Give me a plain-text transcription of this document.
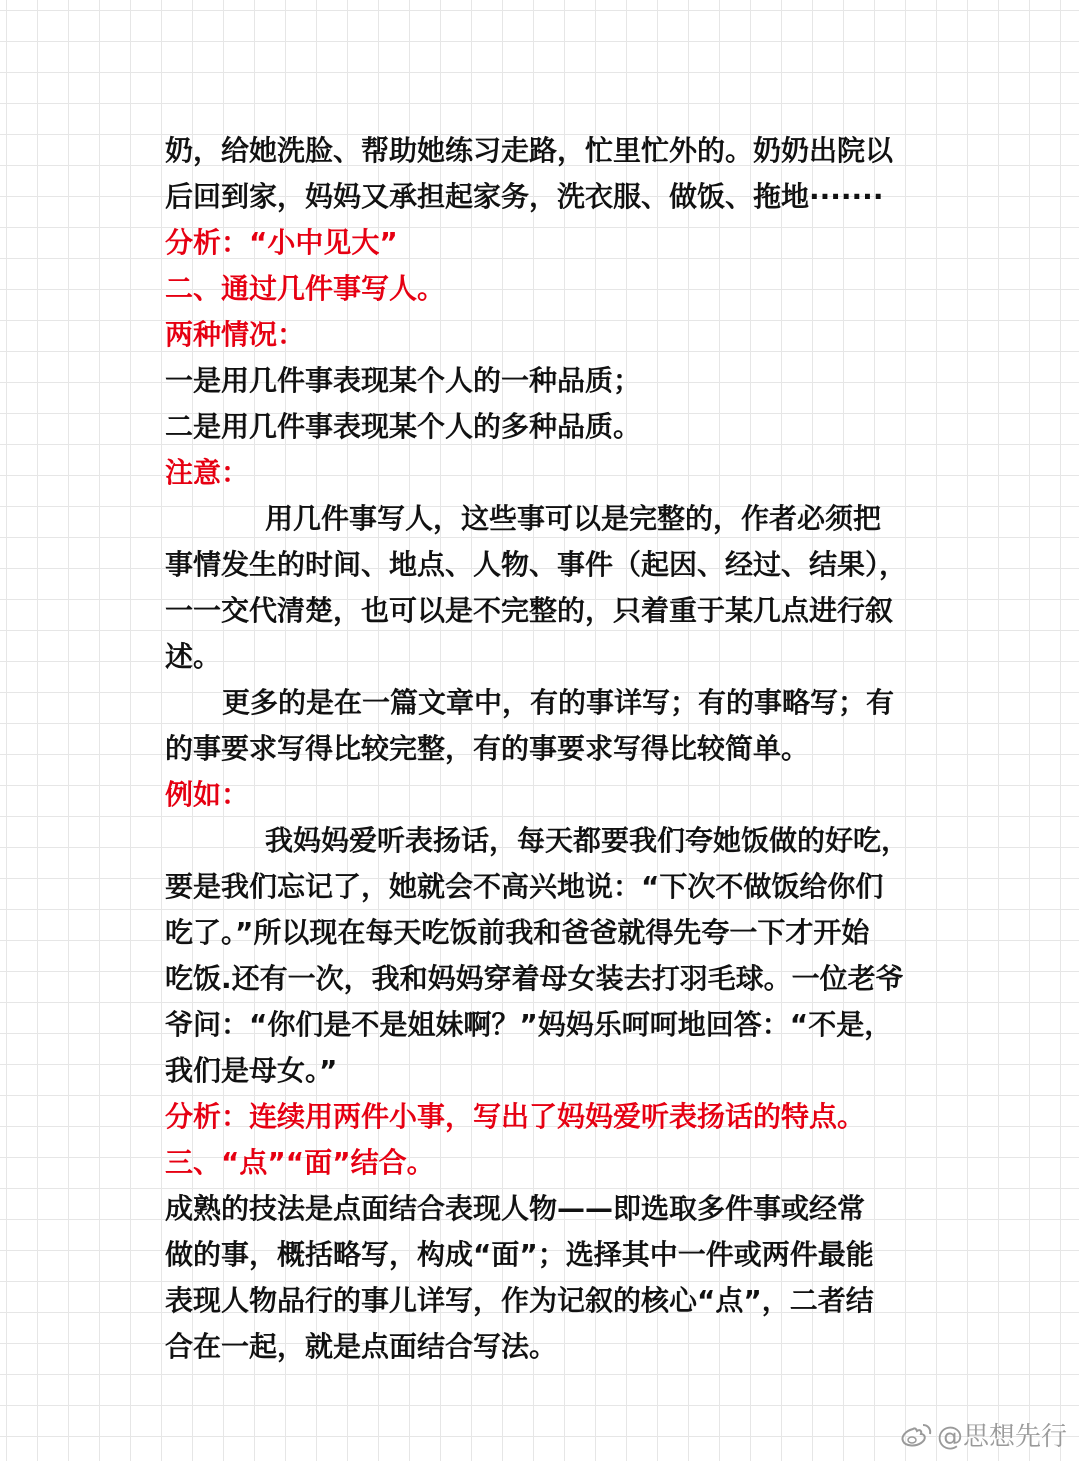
奶，给她洗脸、帮助她练习走路，忙里忙外的。奶奶出院以
后回到家，妈妈又承担起家务，洗衣服、做饭、拖地·······
分析：“小中见大”
二、通过几件事写人。
两种情况：
一是用几件事表现某个人的一种品质；
二是用几件事表现某个人的多种品质。
注意：
用几件事写人，这些事可以是完整的，作者必须把
事情发生的时间、地点、人物、事件（起因、经过、结果），
一一交代清楚，也可以是不完整的，只着重于某几点进行叙
述。
更多的是在一篇文章中，有的事详写；有的事略写；有
的事要求写得比较完整，有的事要求写得比较简单。
例如：
我妈妈爱听表扬话，每天都要我们夸她饭做的好吃，
要是我们忘记了，她就会不高兴地说：“下次不做饭给你们
吃了。”所以现在每天吃饭前我和爸爸就得先夸一下才开始
吃饭.还有一次，我和妈妈穿着母女装去打羽毛球。一位老爷
爷问：“你们是不是姐妹啊？”妈妈乐呵呵地回答：“不是，
我们是母女。”
分析：连续用两件小事，写出了妈妈爱听表扬话的特点。
三、“点”“面”结合。
成熟的技法是点面结合表现人物——即选取多件事或经常
做的事，概括略写，构成“面”；选择其中一件或两件最能
表现人物品行的事儿详写，作为记叙的核心“点”，二者结
合在一起，就是点面结合写法。
@思想先行
